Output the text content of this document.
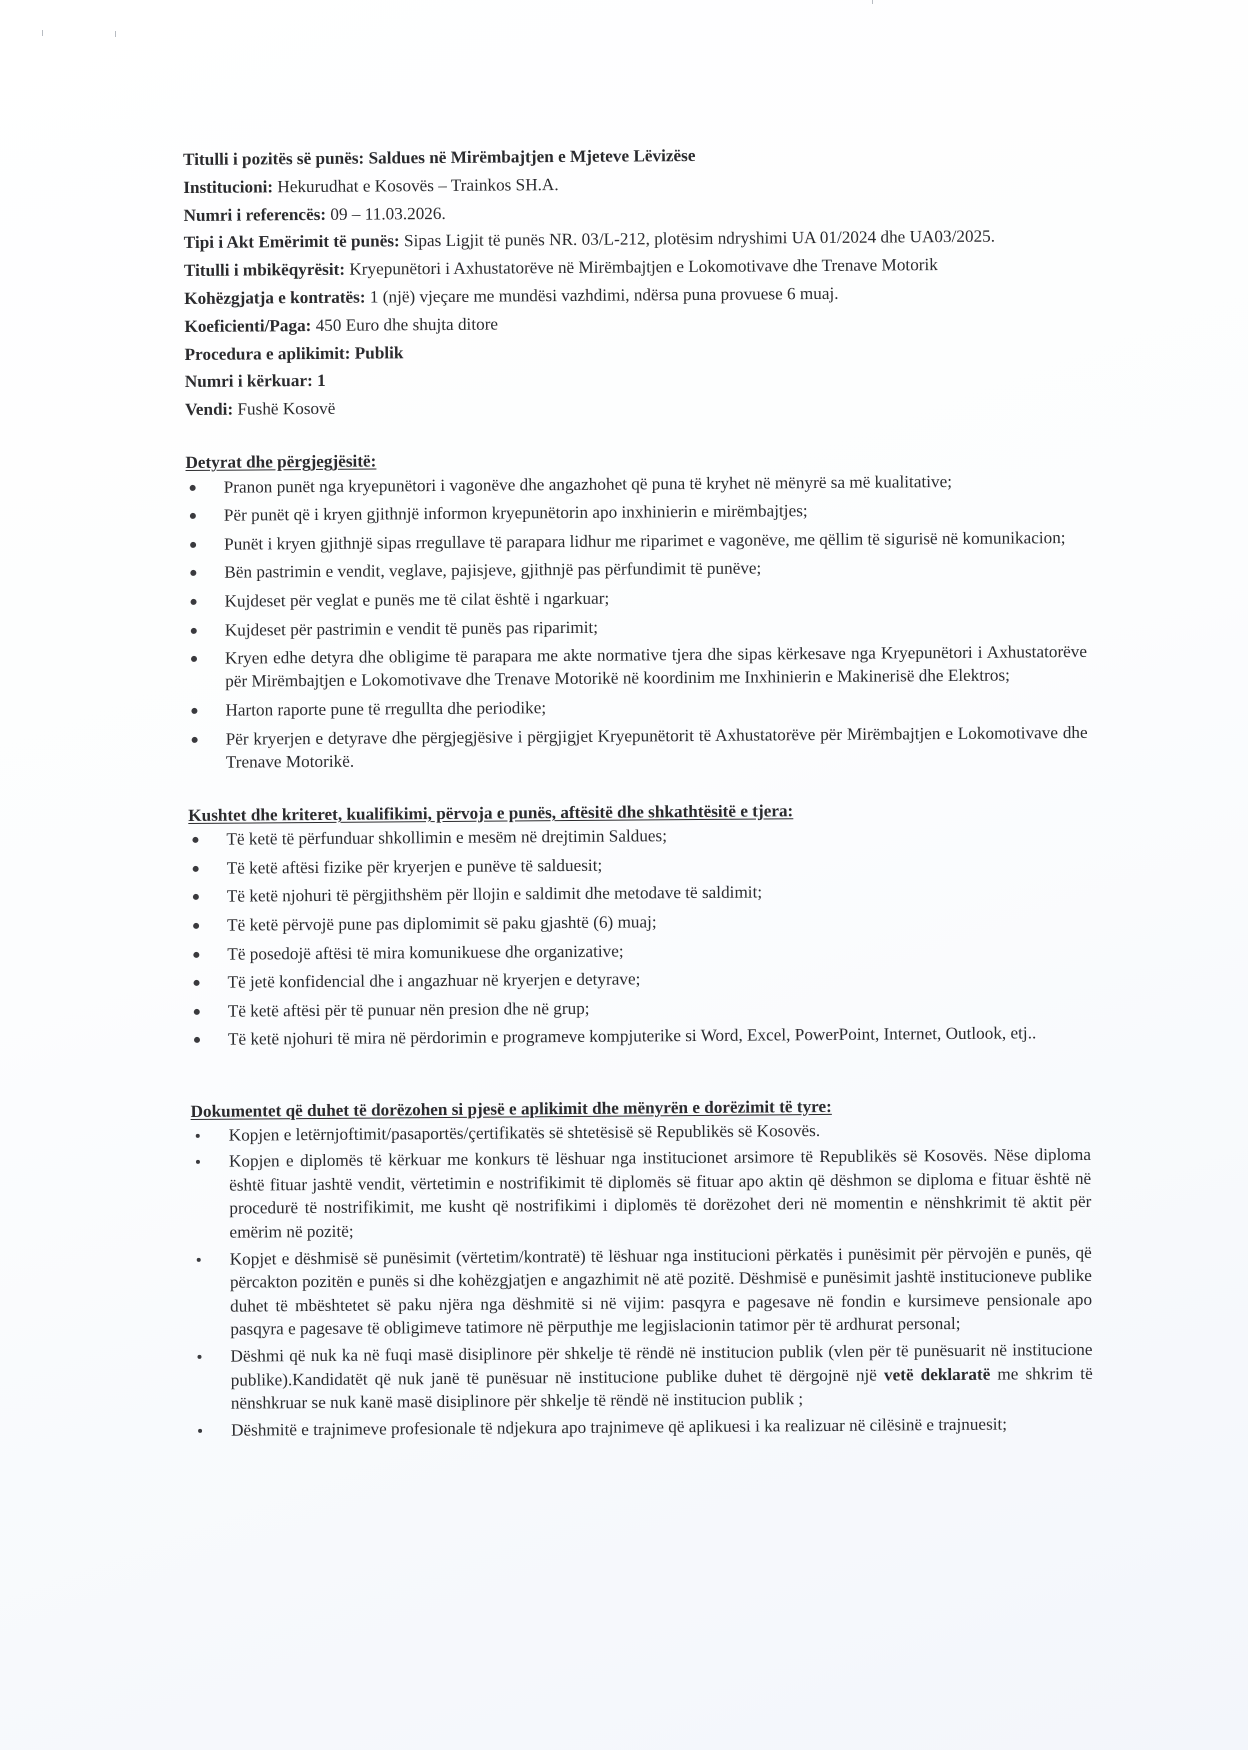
Titulli i pozitës së punës: Saldues në Mirëmbajtjen e Mjeteve Lëvizëse
Institucioni: Hekurudhat e Kosovës – Trainkos SH.A.
Numri i referencës: 09 – 11.03.2026.
Tipi i Akt Emërimit të punës: Sipas Ligjit të punës NR. 03/L-212, plotësim ndryshimi UA 01/2024 dhe UA03/2025.
Titulli i mbikëqyrësit: Kryepunëtori i Axhustatorëve në Mirëmbajtjen e Lokomotivave dhe Trenave Motorik
Kohëzgjatja e kontratës: 1 (një) vjeçare me mundësi vazhdimi, ndërsa puna provuese 6 muaj.
Koeficienti/Paga: 450 Euro dhe shujta ditore
Procedura e aplikimit: Publik
Numri i kërkuar: 1
Vendi: Fushë Kosovë
Detyrat dhe përgjegjësitë:
Pranon punët nga kryepunëtori i vagonëve dhe angazhohet që puna të kryhet në mënyrë sa më kualitative;
Për punët që i kryen gjithnjë informon kryepunëtorin apo inxhinierin e mirëmbajtjes;
Punët i kryen gjithnjë sipas rregullave të parapara lidhur me riparimet e vagonëve, me qëllim të sigurisë në komunikacion;
Bën pastrimin e vendit, veglave, pajisjeve, gjithnjë pas përfundimit të punëve;
Kujdeset për veglat e punës me të cilat është i ngarkuar;
Kujdeset për pastrimin e vendit të punës pas riparimit;
Kryen edhe detyra dhe obligime të parapara me akte normative tjera dhe sipas kërkesave nga Kryepunëtori i Axhustatorëve për Mirëmbajtjen e Lokomotivave dhe Trenave Motorikë në koordinim me Inxhinierin e Makinerisë dhe Elektros;
Harton raporte pune të rregullta dhe periodike;
Për kryerjen e detyrave dhe përgjegjësive i përgjigjet Kryepunëtorit të Axhustatorëve për Mirëmbajtjen e Lokomotivave dhe Trenave Motorikë.
Kushtet dhe kriteret, kualifikimi, përvoja e punës, aftësitë dhe shkathtësitë e tjera:
Të ketë të përfunduar shkollimin e mesëm në drejtimin Saldues;
Të ketë aftësi fizike për kryerjen e punëve të salduesit;
Të ketë njohuri të përgjithshëm për llojin e saldimit dhe metodave të saldimit;
Të ketë përvojë pune pas diplomimit së paku gjashtë (6) muaj;
Të posedojë aftësi të mira komunikuese dhe organizative;
Të jetë konfidencial dhe i angazhuar në kryerjen e detyrave;
Të ketë aftësi për të punuar nën presion dhe në grup;
Të ketë njohuri të mira në përdorimin e programeve kompjuterike si Word, Excel, PowerPoint, Internet, Outlook, etj..
Dokumentet që duhet të dorëzohen si pjesë e aplikimit dhe mënyrën e dorëzimit të tyre:
Kopjen e letërnjoftimit/pasaportës/çertifikatës së shtetësisë së Republikës së Kosovës.
Kopjen e diplomës të kërkuar me konkurs të lëshuar nga institucionet arsimore të Republikës së Kosovës. Nëse diploma është fituar jashtë vendit, vërtetimin e nostrifikimit të diplomës së fituar apo aktin që dëshmon se diploma e fituar është në procedurë të nostrifikimit, me kusht që nostrifikimi i diplomës të dorëzohet deri në momentin e nënshkrimit të aktit për emërim në pozitë;
Kopjet e dëshmisë së punësimit (vërtetim/kontratë) të lëshuar nga institucioni përkatës i punësimit për përvojën e punës, që përcakton pozitën e punës si dhe kohëzgjatjen e angazhimit në atë pozitë. Dëshmisë e punësimit jashtë institucioneve publike duhet të mbështetet së paku njëra nga dëshmitë si në vijim: pasqyra e pagesave në fondin e kursimeve pensionale apo pasqyra e pagesave të obligimeve tatimore në përputhje me legjislacionin tatimor për të ardhurat personal;
Dëshmi që nuk ka në fuqi masë disiplinore për shkelje të rëndë në institucion publik (vlen për të punësuarit në institucione publike).Kandidatët që nuk janë të punësuar në institucione publike duhet të dërgojnë një vetë deklaratë me shkrim të nënshkruar se nuk kanë masë disiplinore për shkelje të rëndë në institucion publik ;
Dëshmitë e trajnimeve profesionale të ndjekura apo trajnimeve që aplikuesi i ka realizuar në cilësinë e trajnuesit;
